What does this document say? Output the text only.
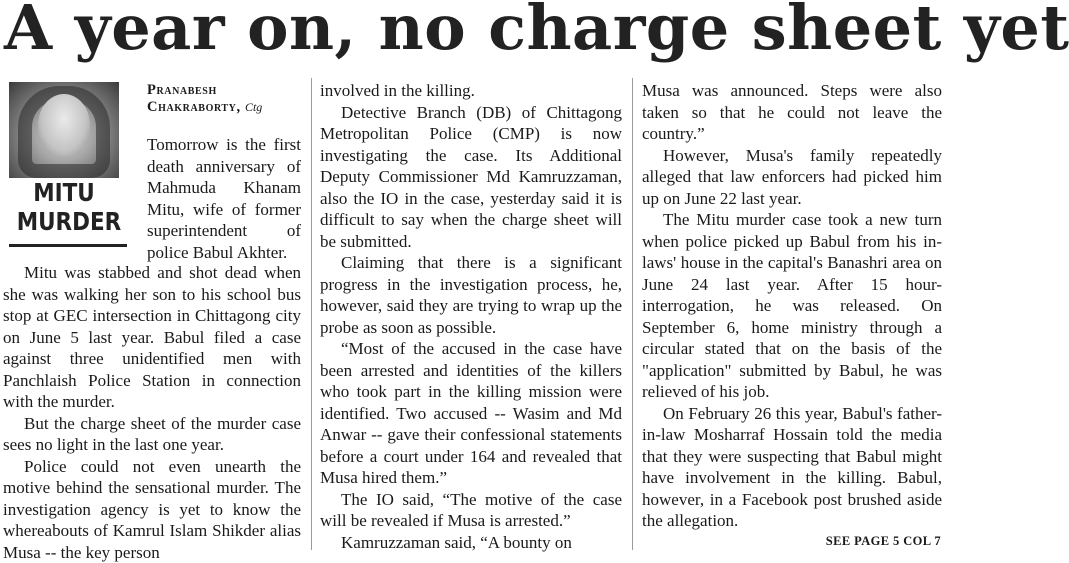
A year on, no charge sheet yet
MITU
MURDER
Pranabesh
Chakraborty, Ctg

Tomorrow is the first death anniversary of Mahmuda Khanam Mitu, wife of former superintendent of police Babul Akhter.

Mitu was stabbed and shot dead when she was walking her son to his school bus stop at GEC intersection in Chittagong city on June 5 last year. Babul filed a case against three unidentified men with Panchlaish Police Station in connection with the murder.

But the charge sheet of the murder case sees no light in the last one year.

Police could not even unearth the motive behind the sensational murder. The investigation agency is yet to know the whereabouts of Kamrul Islam Shikder alias Musa -- the key person

involved in the killing.

Detective Branch (DB) of Chittagong Metropolitan Police (CMP) is now investigating the case. Its Additional Deputy Commissioner Md Kamruzzaman, also the IO in the case, yesterday said it is difficult to say when the charge sheet will be submitted.

Claiming that there is a significant progress in the investigation process, he, however, said they are trying to wrap up the probe as soon as possible.

“Most of the accused in the case have been arrested and identities of the killers who took part in the killing mission were identified. Two accused -- Wasim and Md Anwar -- gave their confessional statements before a court under 164 and revealed that Musa hired them.”

The IO said, “The motive of the case will be revealed if Musa is arrested.”

Kamruzzaman said, “A bounty on

Musa was announced. Steps were also taken so that he could not leave the country.”

However, Musa's family repeatedly alleged that law enforcers had picked him up on June 22 last year.

The Mitu murder case took a new turn when police picked up Babul from his in-laws' house in the capital's Banashri area on June 24 last year. After 15 hour-interrogation, he was released. On September 6, home ministry through a circular stated that on the basis of the "application" submitted by Babul, he was relieved of his job.

On February 26 this year, Babul's father-in-law Mosharraf Hossain told the media that they were suspecting that Babul might have involvement in the killing. Babul, however, in a Facebook post brushed aside the allegation.

SEE PAGE 5 COL 7
